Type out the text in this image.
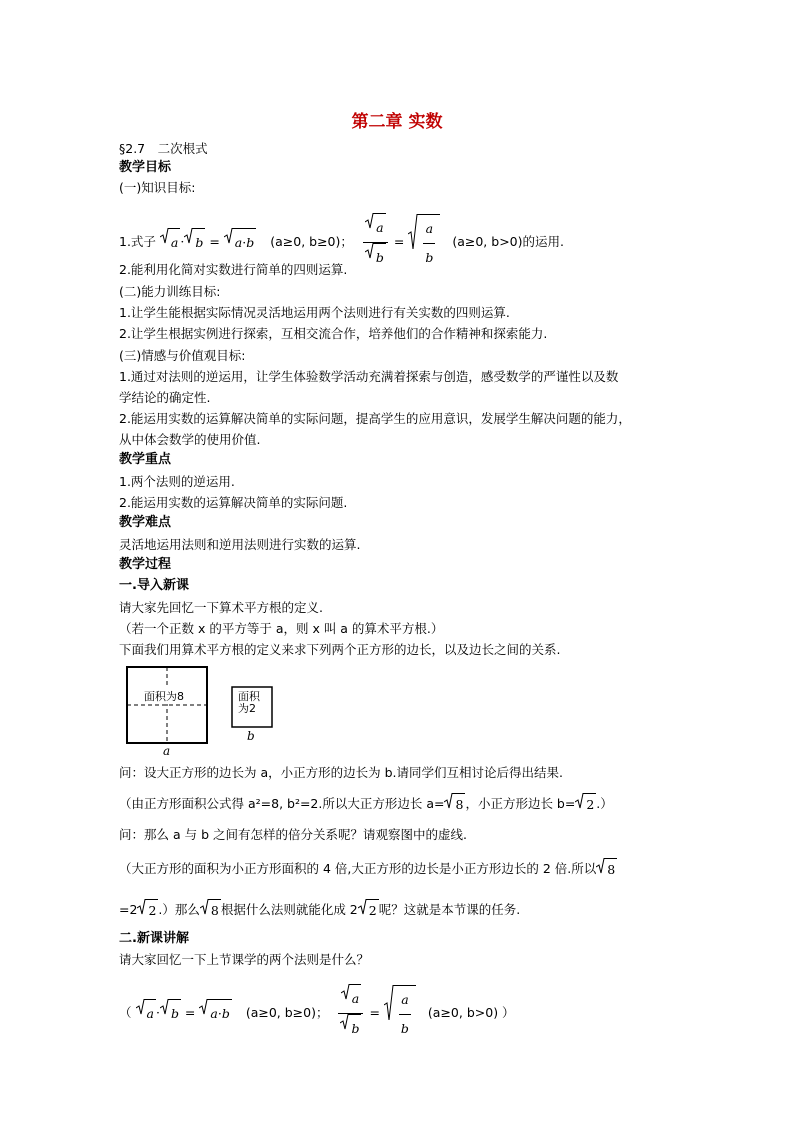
第二章 实数
§2.7　二次根式
教学目标
(一)知识目标:
1.式子 a · b = a·b (a≥0, b≥0)； $\frac{a}{b} = \frac{a}{b} (a\ge 0$, b>0)的运用.
2.能利用化简对实数进行简单的四则运算.
(二)能力训练目标:
1.让学生能根据实际情况灵活地运用两个法则进行有关实数的四则运算.
2.让学生根据实例进行探索，互相交流合作，培养他们的合作精神和探索能力.
(三)情感与价值观目标:
1.通过对法则的逆运用，让学生体验数学活动充满着探索与创造，感受数学的严谨性以及数
学结论的确定性.
2.能运用实数的运算解决简单的实际问题，提高学生的应用意识，发展学生解决问题的能力，
从中体会数学的使用价值.
教学重点
1.两个法则的逆运用.
2.能运用实数的运算解决简单的实际问题.
教学难点
灵活地运用法则和逆用法则进行实数的运算.
教学过程
一.导入新课
请大家先回忆一下算术平方根的定义.
（若一个正数 x 的平方等于 a，则 x 叫 a 的算术平方根.）
下面我们用算术平方根的定义来求下列两个正方形的边长，以及边长之间的关系.
面积为8
a
面积
为2
b
问：设大正方形的边长为 a，小正方形的边长为 b.请同学们互相讨论后得出结果.
（由正方形面积公式得 a²=8, b²=2.所以大正方形边长 a= 8 ，小正方形边长 b= 2 .）
问：那么 a 与 b 之间有怎样的倍分关系呢？请观察图中的虚线.
（大正方形的面积为小正方形面积的 4 倍,大正方形的边长是小正方形边长的 2 倍.所以 8
=2 2 .）那么 8 根据什么法则就能化成 2 2 呢？这就是本节课的任务.
二.新课讲解
请大家回忆一下上节课学的两个法则是什么？
（ a · b = a·b (a≥0, b≥0)； $\frac{a}{b} = \frac{a}{b} (a\ge 0$, b>0) ）
